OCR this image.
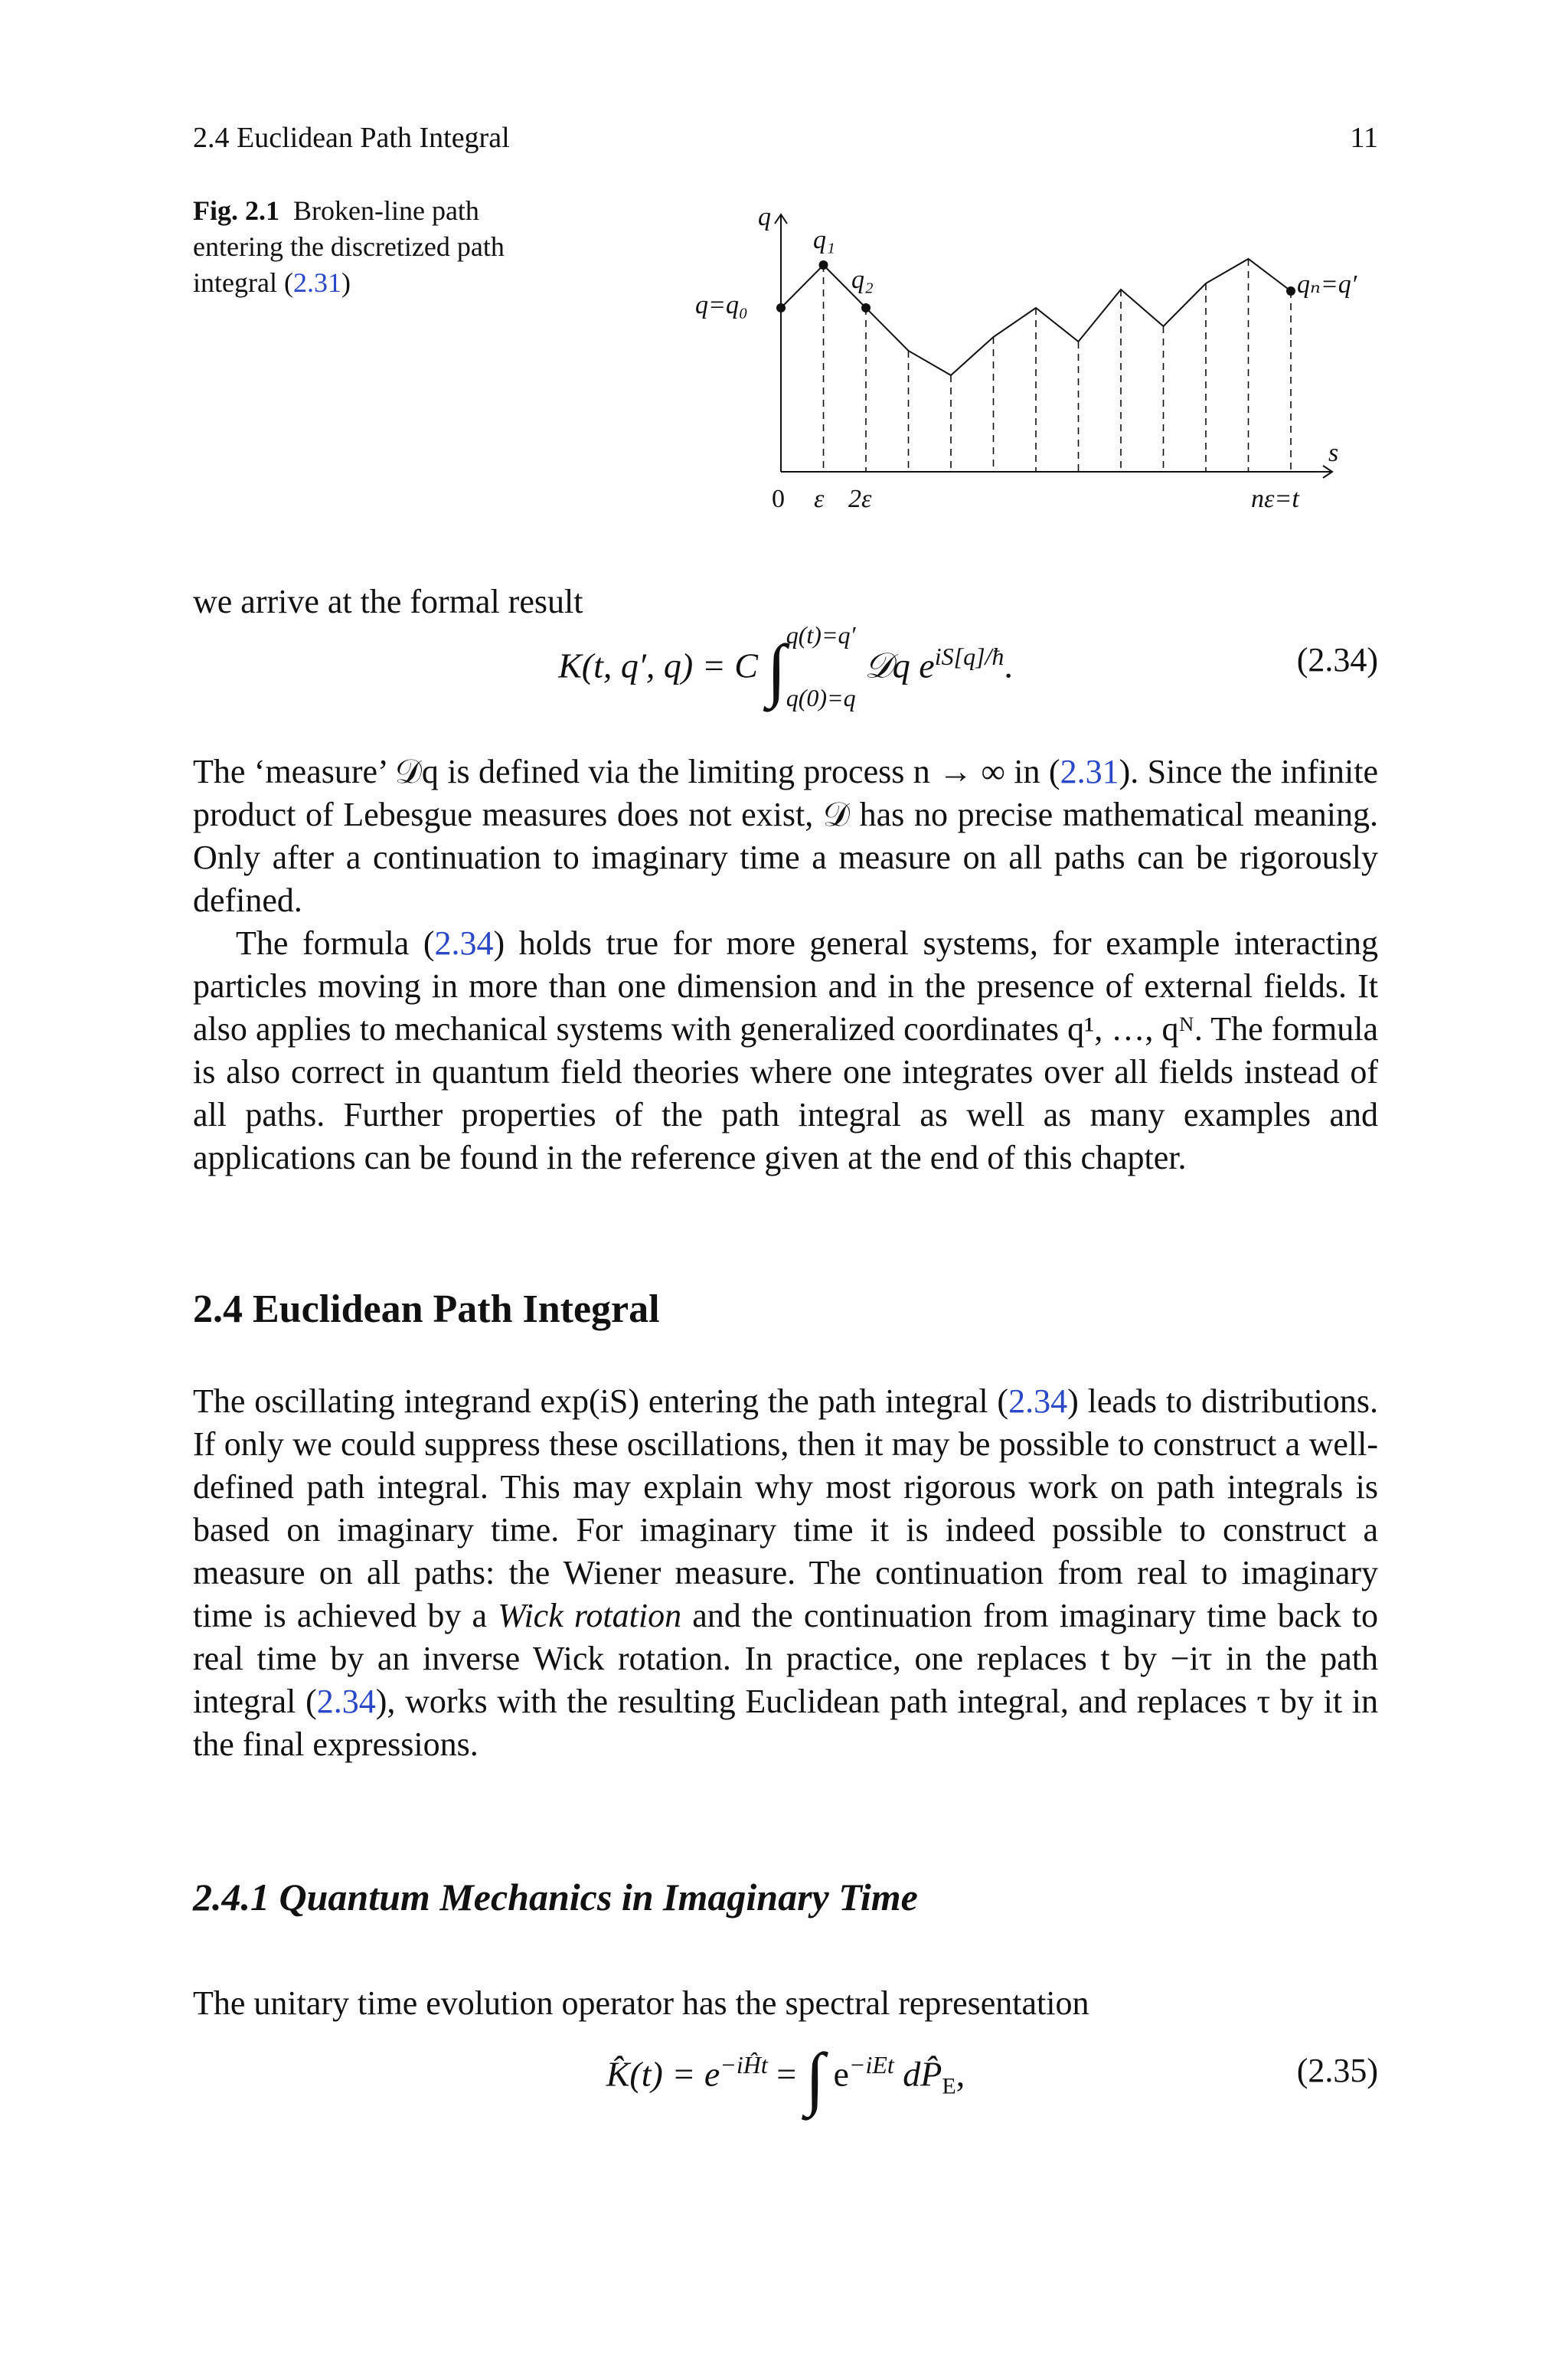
2.4 Euclidean Path Integral	11
Fig. 2.1 Broken-line path entering the discretized path integral (2.31)
q
s
q₁
q₂
q=q₀
qₙ=q′
0 ε 2ε	nε=t

we arrive at the formal result

K(t, q′, q) = C ∫ q(t)=q′
q(0)=q
𝒟q $e^{iS[q]/ħ}$.	(2.34)

The ‘measure’ 𝒟q is defined via the limiting process n → ∞ in (2.31). Since the infinite product of Lebesgue measures does not exist, 𝒟 has no precise mathematical meaning. Only after a continuation to imaginary time a measure on all paths can be rigorously defined.

The formula (2.34) holds true for more general systems, for example interacting particles moving in more than one dimension and in the presence of external fields. It also applies to mechanical systems with generalized coordinates q¹, …, qᴺ. The formula is also correct in quantum field theories where one integrates over all fields instead of all paths. Further properties of the path integral as well as many examples and applications can be found in the reference given at the end of this chapter.

2.4 Euclidean Path Integral

The oscillating integrand exp(iS) entering the path integral (2.34) leads to distributions. If only we could suppress these oscillations, then it may be possible to construct a well-defined path integral. This may explain why most rigorous work on path integrals is based on imaginary time. For imaginary time it is indeed possible to construct a measure on all paths: the Wiener measure. The continuation from real to imaginary time is achieved by a Wick rotation and the continuation from imaginary time back to real time by an inverse Wick rotation. In practice, one replaces t by −iτ in the path integral (2.34), works with the resulting Euclidean path integral, and replaces τ by it in the final expressions.

2.4.1 Quantum Mechanics in Imaginary Time

The unitary time evolution operator has the spectral representation

K̂(t) = $e^{-iĤt}$ = ∫ $e^{-iEt}$ $dP̂_E$,	(2.35)
